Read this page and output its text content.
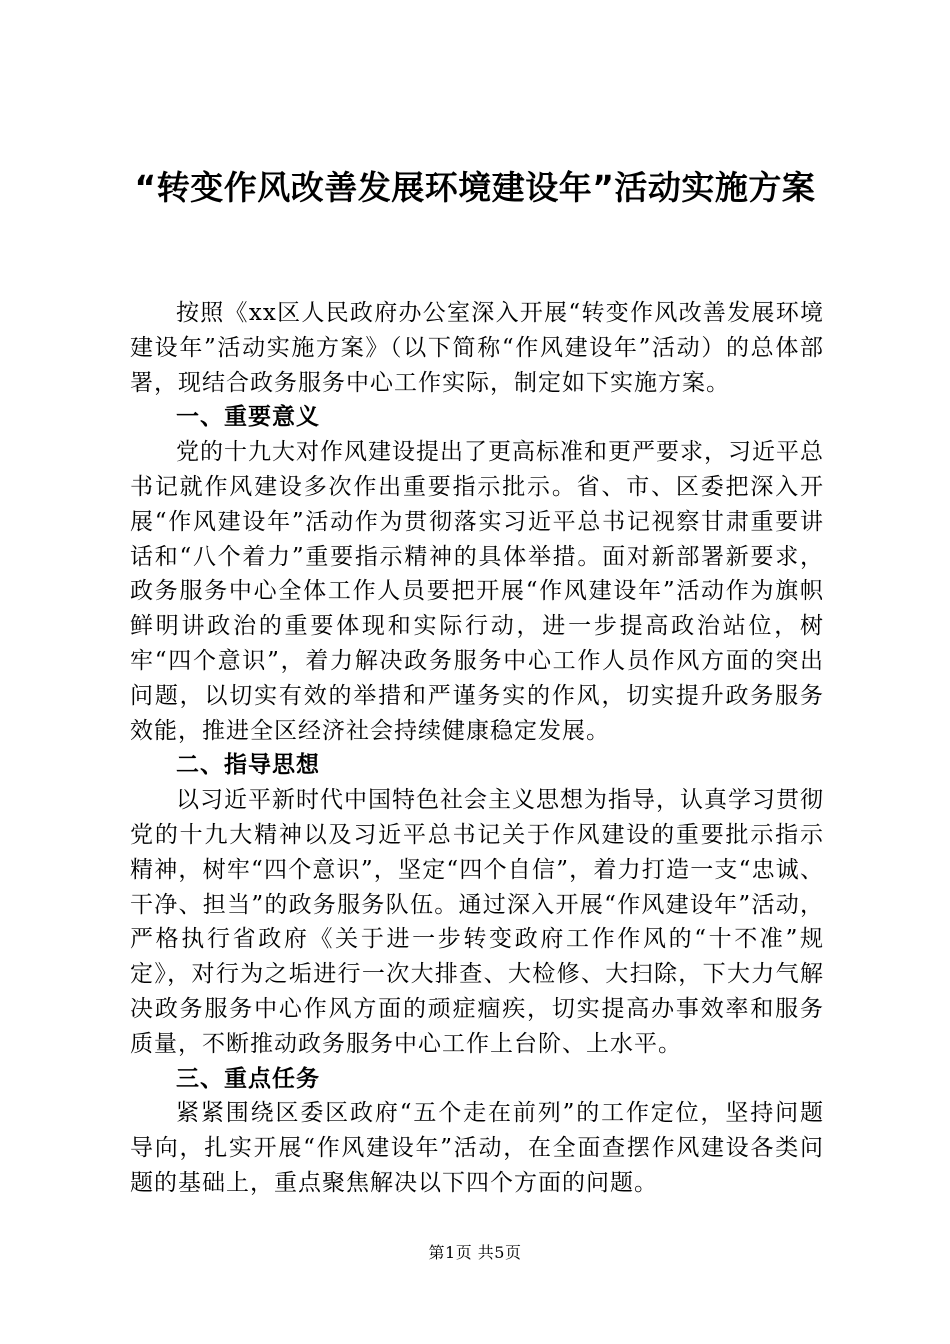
“转变作风改善发展环境建设年”活动实施方案

按照《xx区人民政府办公室深入开展“转变作风改善发展环境建设年”活动实施方案》（以下简称“作风建设年”活动）的总体部署，现结合政务服务中心工作实际，制定如下实施方案。

一、重要意义

党的十九大对作风建设提出了更高标准和更严要求，习近平总书记就作风建设多次作出重要指示批示。省、市、区委把深入开展“作风建设年”活动作为贯彻落实习近平总书记视察甘肃重要讲话和“八个着力”重要指示精神的具体举措。面对新部署新要求，政务服务中心全体工作人员要把开展“作风建设年”活动作为旗帜鲜明讲政治的重要体现和实际行动，进一步提高政治站位，树牢“四个意识”，着力解决政务服务中心工作人员作风方面的突出问题，以切实有效的举措和严谨务实的作风，切实提升政务服务效能，推进全区经济社会持续健康稳定发展。

二、指导思想

以习近平新时代中国特色社会主义思想为指导，认真学习贯彻党的十九大精神以及习近平总书记关于作风建设的重要批示指示精神，树牢“四个意识”，坚定“四个自信”，着力打造一支“忠诚、干净、担当”的政务服务队伍。通过深入开展“作风建设年”活动，严格执行省政府《关于进一步转变政府工作作风的“十不准”规定》，对行为之垢进行一次大排查、大检修、大扫除，下大力气解决政务服务中心作风方面的顽症痼疾，切实提高办事效率和服务质量，不断推动政务服务中心工作上台阶、上水平。

三、重点任务

紧紧围绕区委区政府“五个走在前列”的工作定位，坚持问题导向，扎实开展“作风建设年”活动，在全面查摆作风建设各类问题的基础上，重点聚焦解决以下四个方面的问题。

第1页 共5页
